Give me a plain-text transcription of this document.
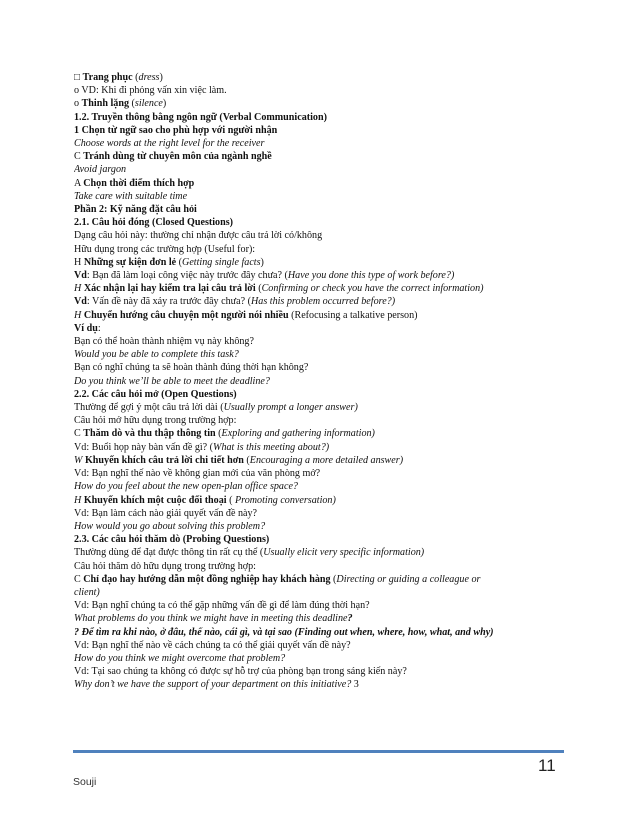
□ Trang phục (dress)
o VD: Khi đi phỏng vấn xin việc làm.
o Thinh lặng (silence)
1.2. Truyền thông bằng ngôn ngữ (Verbal Communication)
1 Chọn từ ngữ sao cho phù hợp với người nhận
Choose words at the right level for the receiver
C Tránh dùng từ chuyên môn của ngành nghề
Avoid jargon
A Chọn thời điểm thích hợp
Take care with suitable time
Phần 2: Kỹ năng đặt câu hỏi
2.1. Câu hỏi đóng (Closed Questions)
Dạng câu hỏi này: thường chỉ nhận được câu trả lời có/không
Hữu dụng trong các trường hợp (Useful for):
H Những sự kiện đơn lẻ (Getting single facts)
Vd: Bạn đã làm loại công việc này trước đây chưa? (Have you done this type of work before?)
H Xác nhận lại hay kiểm tra lại câu trả lời (Confirming or check you have the correct information)
Vd: Vấn đề này đã xảy ra trước đây chưa? (Has this problem occurred before?)
H Chuyển hướng câu chuyện một người nói nhiều (Refocusing a talkative person)
Ví dụ:
Bạn có thể hoàn thành nhiệm vụ này không?
Would you be able to complete this task?
Bạn có nghĩ chúng ta sẽ hoàn thành đúng thời hạn không?
Do you think we’ll be able to meet the deadline?
2.2. Các câu hỏi mở (Open Questions)
Thường để gợi ý một câu trả lời dài (Usually prompt a longer answer)
Câu hỏi mở hữu dụng trong trường hợp:
C Thăm dò và thu thập thông tin (Exploring and gathering information)
Vd: Buổi họp này bàn vấn đề gì? (What is this meeting about?)
W Khuyến khích câu trả lời chi tiết hơn (Encouraging a more detailed answer)
Vd: Bạn nghĩ thế nào về không gian mới của văn phòng mở?
How do you feel about the new open-plan office space?
H Khuyến khích một cuộc đối thoại ( Promoting conversation)
Vd: Bạn làm cách nào giải quyết vấn đề này?
How would you go about solving this problem?
2.3. Các câu hỏi thăm dò (Probing Questions)
Thường dùng để đạt được thông tin rất cụ thể (Usually elicit very specific information)
Câu hỏi thăm dò hữu dụng trong trường hợp:
C Chỉ đạo hay hướng dẫn một đồng nghiệp hay khách hàng (Directing or guiding a colleague or
client)
Vd: Bạn nghĩ chúng ta có thể gặp những vấn đề gì để làm đúng thời hạn?
What problems do you think we might have in meeting this deadline?
? Để tìm ra khi nào, ở đâu, thế nào, cái gì, và tại sao (Finding out when, where, how, what, and why)
Vd: Bạn nghĩ thế nào về cách chúng ta có thể giải quyết vấn đề này?
How do you think we might overcome that problem?
Vd: Tại sao chúng ta không có được sự hỗ trợ của phòng bạn trong sáng kiến này?
Why don’t we have the support of your department on this initiative? 3
11
Souji
